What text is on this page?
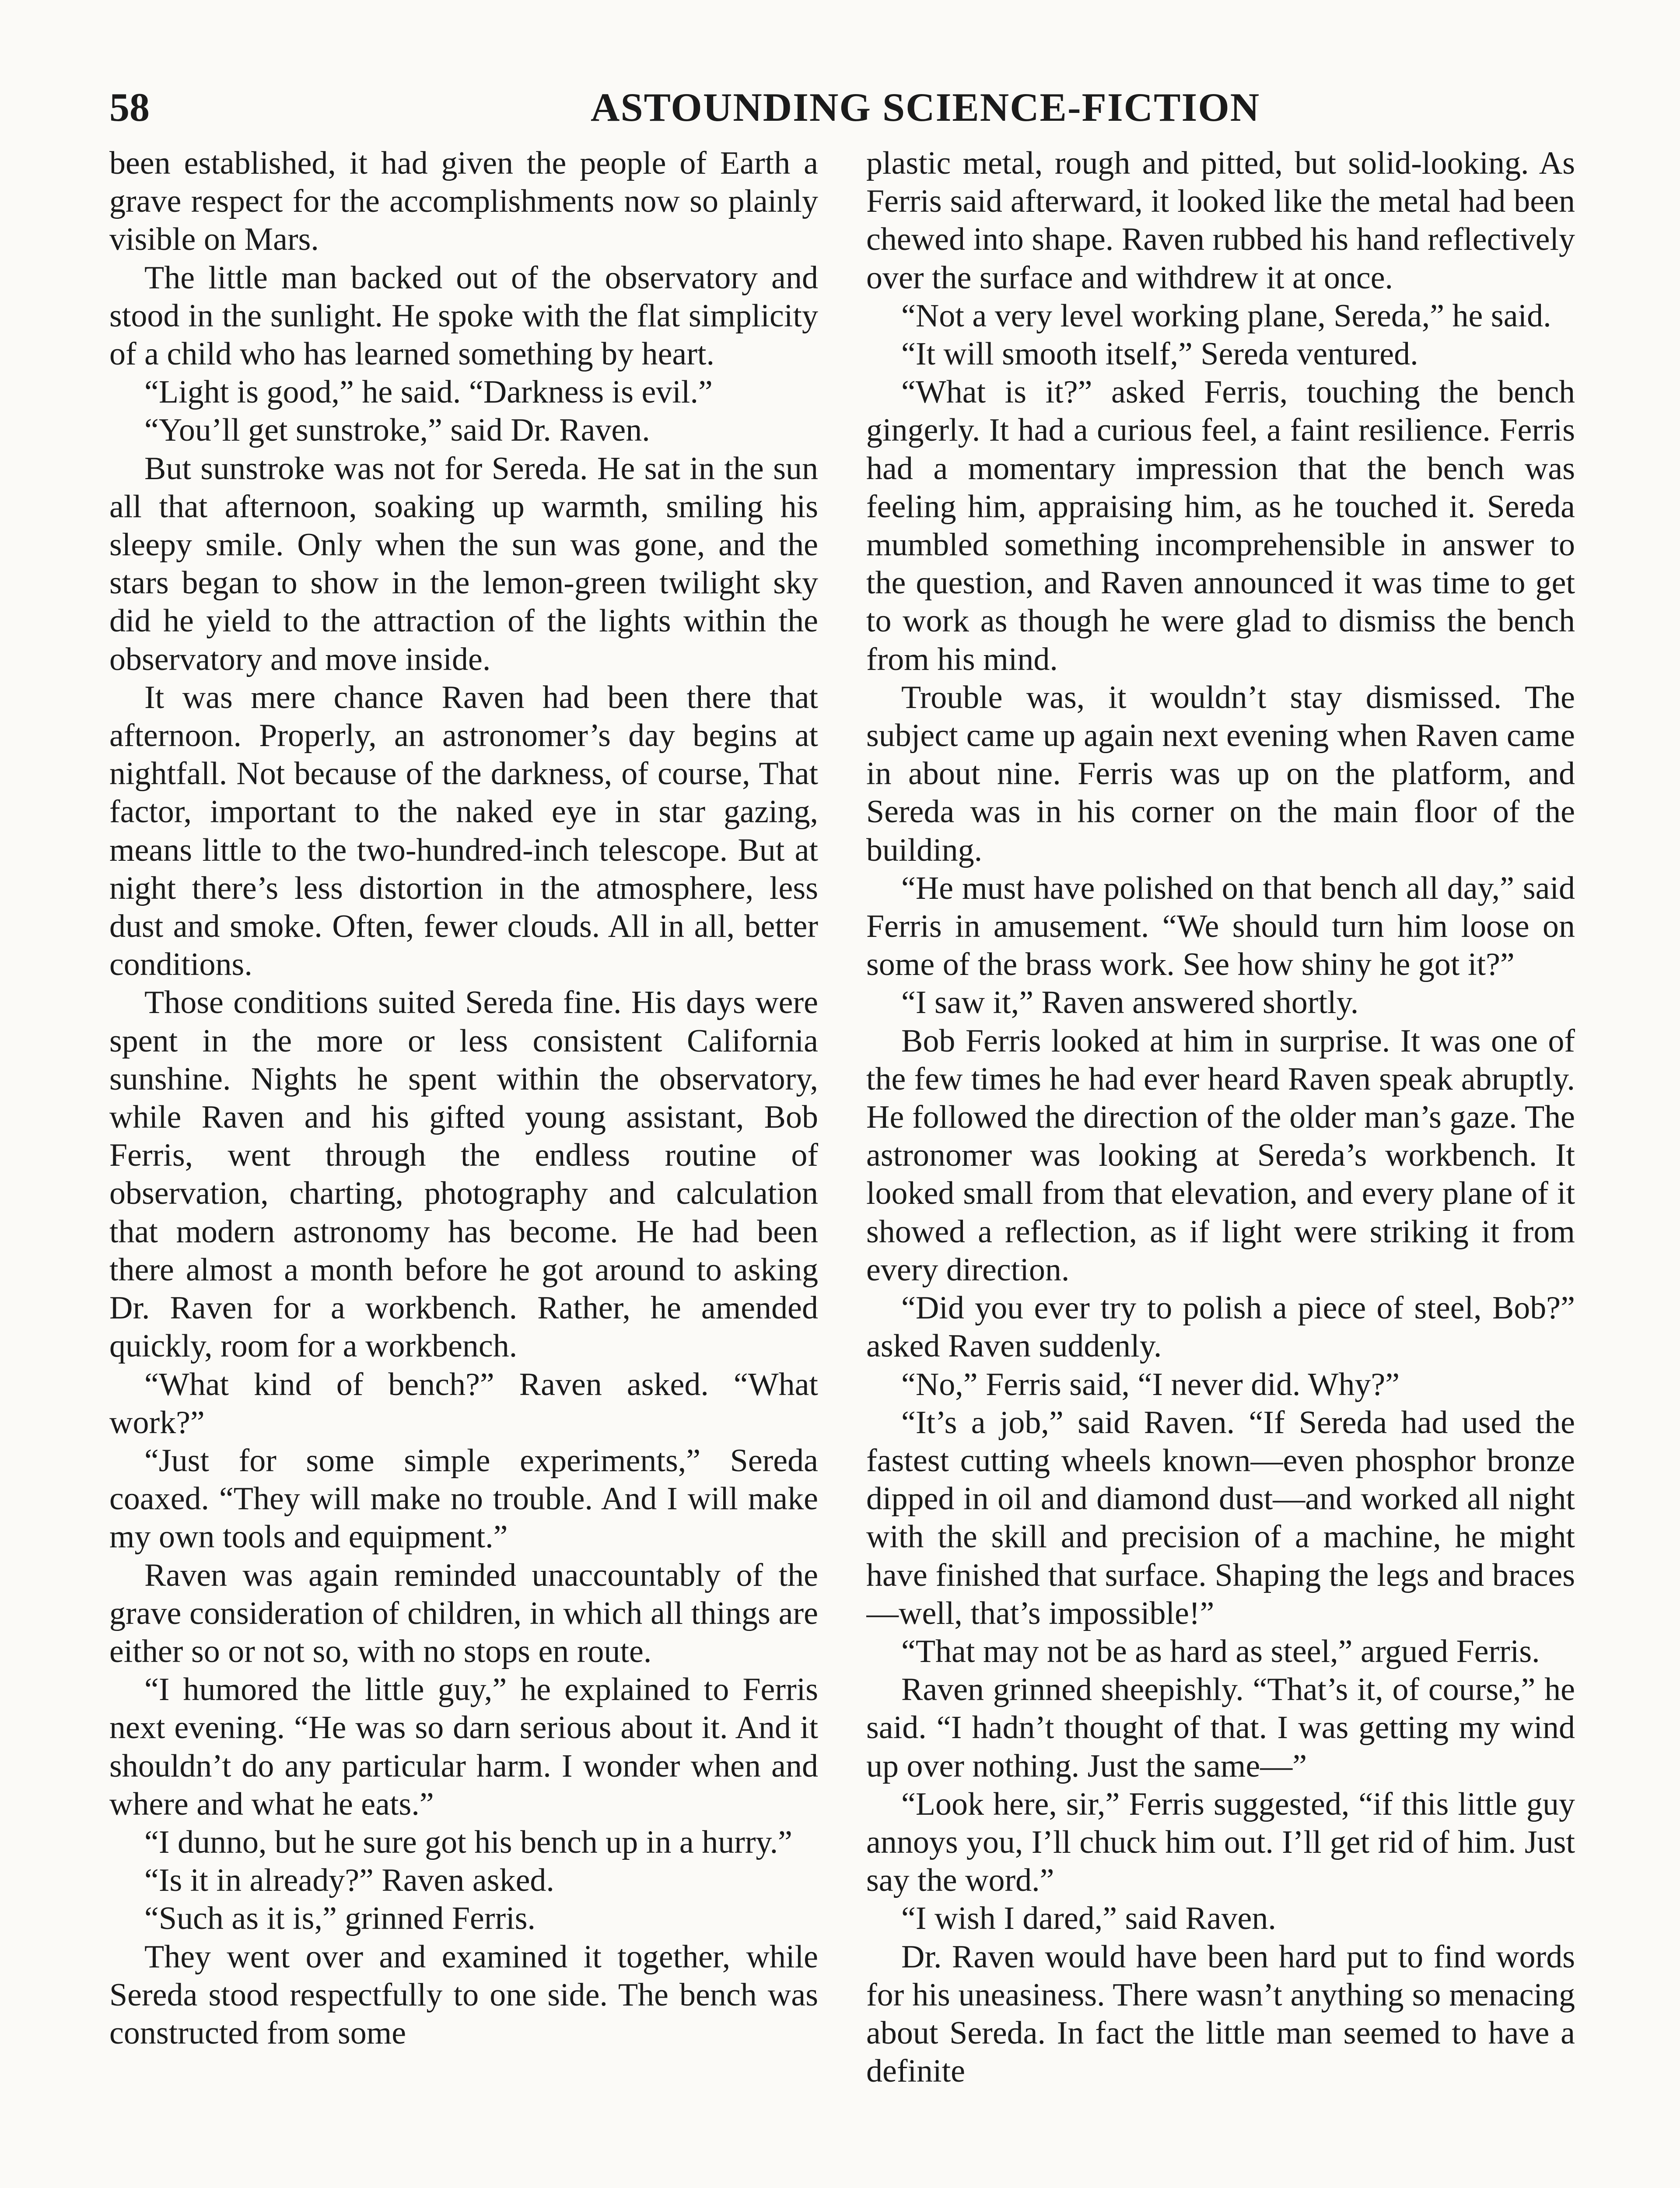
58	ASTOUNDING SCIENCE-FICTION

been established, it had given the people of Earth a grave respect for the accomplishments now so plainly visible on Mars.

The little man backed out of the observatory and stood in the sunlight. He spoke with the flat simplicity of a child who has learned something by heart.

“Light is good,” he said. “Darkness is evil.”

“You’ll get sunstroke,” said Dr. Raven.

But sunstroke was not for Sereda. He sat in the sun all that afternoon, soaking up warmth, smiling his sleepy smile. Only when the sun was gone, and the stars began to show in the lemon-green twilight sky did he yield to the attraction of the lights within the observatory and move inside.

It was mere chance Raven had been there that afternoon. Properly, an astronomer’s day begins at nightfall. Not because of the darkness, of course, That factor, important to the naked eye in star gazing, means little to the two-hundred-inch telescope. But at night there’s less distortion in the atmosphere, less dust and smoke. Often, fewer clouds. All in all, better conditions.

Those conditions suited Sereda fine. His days were spent in the more or less consistent California sunshine. Nights he spent within the observatory, while Raven and his gifted young assistant, Bob Ferris, went through the endless routine of observation, charting, photography and calculation that modern astronomy has become. He had been there almost a month before he got around to asking Dr. Raven for a workbench. Rather, he amended quickly, room for a workbench.

“What kind of bench?” Raven asked. “What work?”

“Just for some simple experiments,” Sereda coaxed. “They will make no trouble. And I will make my own tools and equipment.”

Raven was again reminded unaccountably of the grave consideration of children, in which all things are either so or not so, with no stops en route.

“I humored the little guy,” he explained to Ferris next evening. “He was so darn serious about it. And it shouldn’t do any particular harm. I wonder when and where and what he eats.”

“I dunno, but he sure got his bench up in a hurry.”

“Is it in already?” Raven asked.

“Such as it is,” grinned Ferris.

They went over and examined it together, while Sereda stood respectfully to one side. The bench was constructed from some

plastic metal, rough and pitted, but solid-looking. As Ferris said afterward, it looked like the metal had been chewed into shape. Raven rubbed his hand reflectively over the surface and withdrew it at once.

“Not a very level working plane, Sereda,” he said.

“It will smooth itself,” Sereda ventured.

“What is it?” asked Ferris, touching the bench gingerly. It had a curious feel, a faint resilience. Ferris had a momentary impression that the bench was feeling him, appraising him, as he touched it. Sereda mumbled something incomprehensible in answer to the question, and Raven announced it was time to get to work as though he were glad to dismiss the bench from his mind.

Trouble was, it wouldn’t stay dismissed. The subject came up again next evening when Raven came in about nine. Ferris was up on the platform, and Sereda was in his corner on the main floor of the building.

“He must have polished on that bench all day,” said Ferris in amusement. “We should turn him loose on some of the brass work. See how shiny he got it?”

“I saw it,” Raven answered shortly.

Bob Ferris looked at him in surprise. It was one of the few times he had ever heard Raven speak abruptly. He followed the direction of the older man’s gaze. The astronomer was looking at Sereda’s workbench. It looked small from that elevation, and every plane of it showed a reflection, as if light were striking it from every direction.

“Did you ever try to polish a piece of steel, Bob?” asked Raven suddenly.

“No,” Ferris said, “I never did. Why?”

“It’s a job,” said Raven. “If Sereda had used the fastest cutting wheels known—even phosphor bronze dipped in oil and diamond dust—and worked all night with the skill and precision of a machine, he might have finished that surface. Shaping the legs and braces—well, that’s impossible!”

“That may not be as hard as steel,” argued Ferris.

Raven grinned sheepishly. “That’s it, of course,” he said. “I hadn’t thought of that. I was getting my wind up over nothing. Just the same—”

“Look here, sir,” Ferris suggested, “if this little guy annoys you, I’ll chuck him out. I’ll get rid of him. Just say the word.”

“I wish I dared,” said Raven.

Dr. Raven would have been hard put to find words for his uneasiness. There wasn’t anything so menacing about Sereda. In fact the little man seemed to have a definite
